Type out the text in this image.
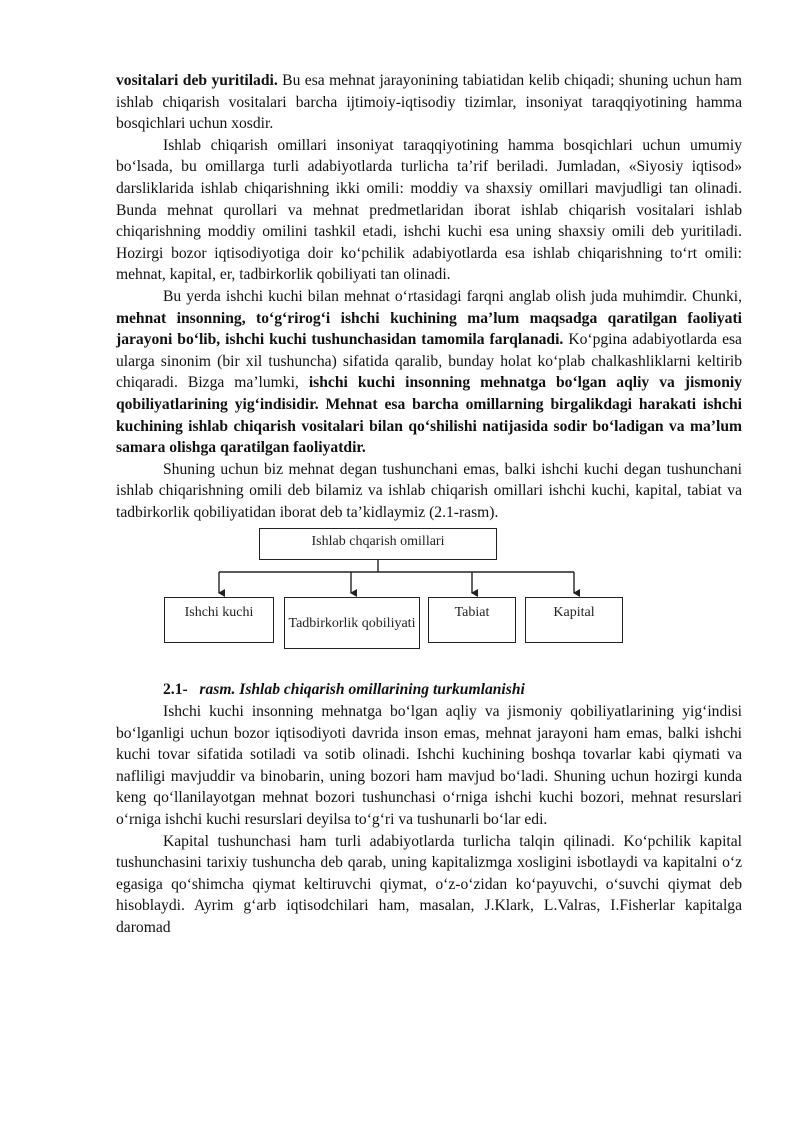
vositalari deb yuritiladi. Bu esa mehnat jarayonining tabiatidan kelib chiqadi; shuning uchun ham ishlab chiqarish vositalari barcha ijtimoiy-iqtisodiy tizimlar, insoniyat taraqqiyotining hamma bosqichlari uchun xosdir.

Ishlab chiqarish omillari insoniyat taraqqiyotining hamma bosqichlari uchun umumiy bo‘lsada, bu omillarga turli adabiyotlarda turlicha ta’rif beriladi. Jumladan, «Siyosiy iqtisod» darsliklarida ishlab chiqarishning ikki omili: moddiy va shaxsiy omillari mavjudligi tan olinadi. Bunda mehnat qurollari va mehnat predmetlaridan iborat ishlab chiqarish vositalari ishlab chiqarishning moddiy omilini tashkil etadi, ishchi kuchi esa uning shaxsiy omili deb yuritiladi. Hozirgi bozor iqtisodiyotiga doir ko‘pchilik adabiyotlarda esa ishlab chiqarishning to‘rt omili: mehnat, kapital, er, tadbirkorlik qobiliyati tan olinadi.

Bu yerda ishchi kuchi bilan mehnat o‘rtasidagi farqni anglab olish juda muhimdir. Chunki, mehnat insonning, to‘g‘rirog‘i ishchi kuchining ma’lum maqsadga qaratilgan faoliyati jarayoni bo‘lib, ishchi kuchi tushunchasidan tamomila farqlanadi. Ko‘pgina adabiyotlarda esa ularga sinonim (bir xil tushuncha) sifatida qaralib, bunday holat ko‘plab chalkashliklarni keltirib chiqaradi. Bizga ma’lumki, ishchi kuchi insonning mehnatga bo‘lgan aqliy va jismoniy qobiliyatlarining yig‘indisidir. Mehnat esa barcha omillarning birgalikdagi harakati ishchi kuchining ishlab chiqarish vositalari bilan qo‘shilishi natijasida sodir bo‘ladigan va ma’lum samara olishga qaratilgan faoliyatdir.

Shuning uchun biz mehnat degan tushunchani emas, balki ishchi kuchi degan tushunchani ishlab chiqarishning omili deb bilamiz va ishlab chiqarish omillari ishchi kuchi, kapital, tabiat va tadbirkorlik qobiliyatidan iborat deb ta’kidlaymiz (2.1-rasm).

Ishlab chqarish omillari
Ishchi kuchi
Tadbirkorlik qobiliyati
Tabiat	Kapital

2.1- rasm. Ishlab chiqarish omillarining turkumlanishi

Ishchi kuchi insonning mehnatga bo‘lgan aqliy va jismoniy qobiliyatlarining yig‘indisi bo‘lganligi uchun bozor iqtisodiyoti davrida inson emas, mehnat jarayoni ham emas, balki ishchi kuchi tovar sifatida sotiladi va sotib olinadi. Ishchi kuchining boshqa tovarlar kabi qiymati va nafliligi mavjuddir va binobarin, uning bozori ham mavjud bo‘ladi. Shuning uchun hozirgi kunda keng qo‘llanilayotgan mehnat bozori tushunchasi o‘rniga ishchi kuchi bozori, mehnat resurslari o‘rniga ishchi kuchi resurslari deyilsa to‘g‘ri va tushunarli bo‘lar edi.

Kapital tushunchasi ham turli adabiyotlarda turlicha talqin qilinadi. Ko‘pchilik kapital tushunchasini tarixiy tushuncha deb qarab, uning kapitalizmga xosligini isbotlaydi va kapitalni o‘z egasiga qo‘shimcha qiymat keltiruvchi qiymat, o‘z-o‘zidan ko‘payuvchi, o‘suvchi qiymat deb hisoblaydi. Ayrim g‘arb iqtisodchilari ham, masalan, J.Klark, L.Valras, I.Fisherlar kapitalga daromad
